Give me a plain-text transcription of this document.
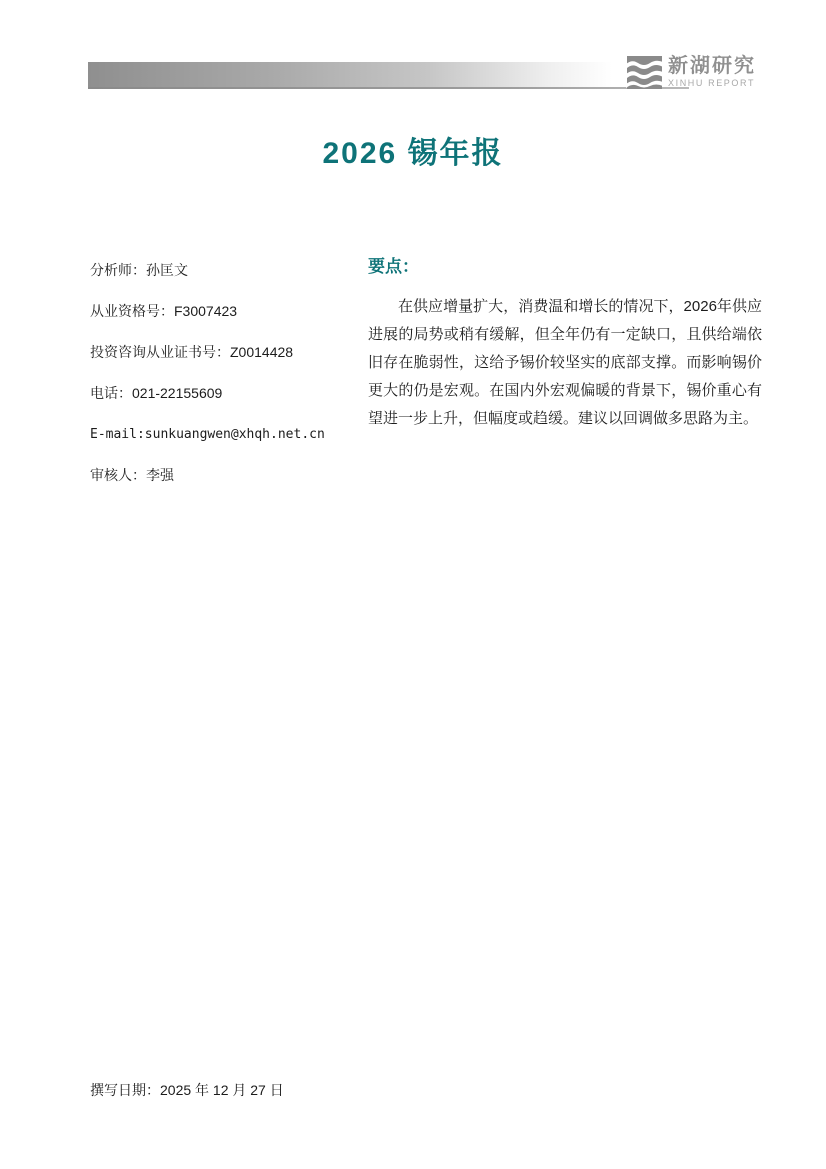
新湖研究
XINHU REPORT
2026 锡年报

分析师：孙匡文

从业资格号：F3007423

投资咨询从业证书号：Z0014428

电话：021-22155609

E-mail:sunkuangwen@xhqh.net.cn

审核人：李强

要点：

在供应增量扩大，消费温和增长的情况下，2026年供应进展的局势或稍有缓解，但全年仍有一定缺口，且供给端依旧存在脆弱性，这给予锡价较坚实的底部支撑。而影响锡价更大的仍是宏观。在国内外宏观偏暖的背景下，锡价重心有望进一步上升，但幅度或趋缓。建议以回调做多思路为主。

撰写日期：2025 年 12 月 27 日
